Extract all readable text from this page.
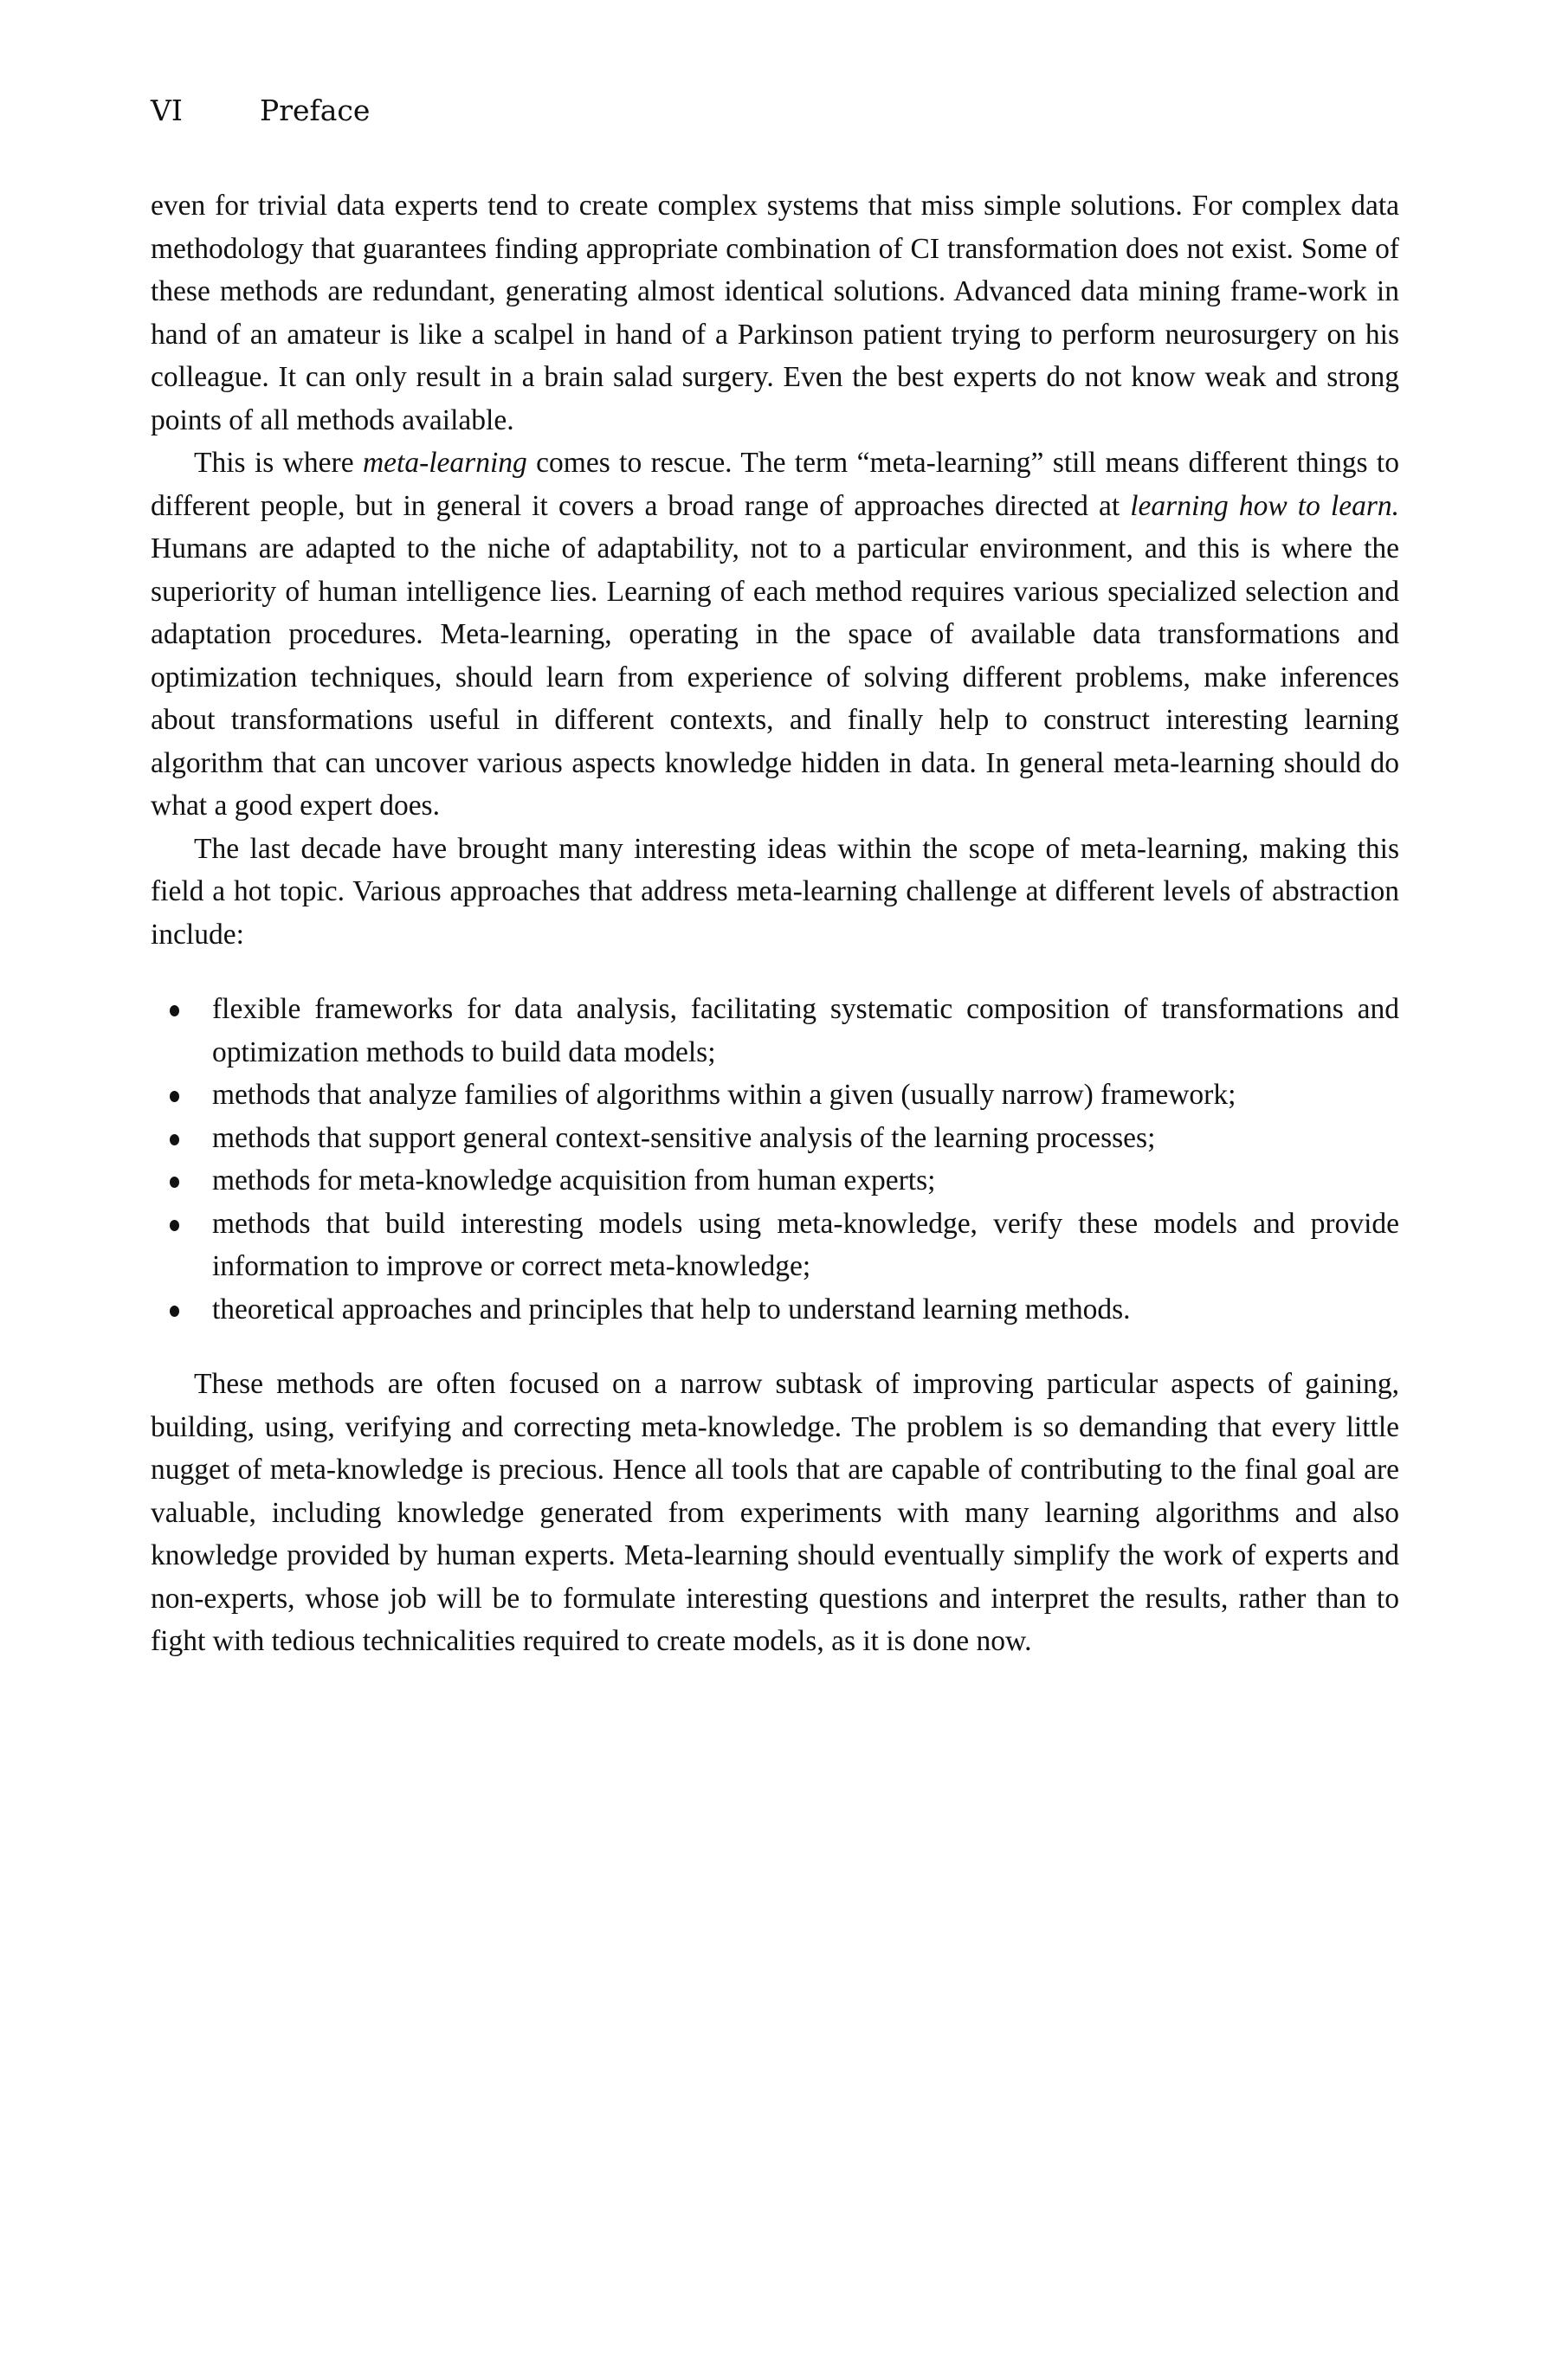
VI	Preface

even for trivial data experts tend to create complex systems that miss simple solutions. For complex data methodology that guarantees finding appropriate combination of CI transformation does not exist. Some of these methods are redundant, generating almost identical solutions. Advanced data mining frame-work in hand of an amateur is like a scalpel in hand of a Parkinson patient trying to perform neurosurgery on his colleague. It can only result in a brain salad surgery. Even the best experts do not know weak and strong points of all methods available.

This is where meta-learning comes to rescue. The term “meta-learning” still means different things to different people, but in general it covers a broad range of approaches directed at learning how to learn. Humans are adapted to the niche of adaptability, not to a particular environment, and this is where the superiority of human intelligence lies. Learning of each method requires various specialized selection and adaptation procedures. Meta-learning, operating in the space of available data transformations and optimization techniques, should learn from experience of solving different problems, make inferences about transformations useful in different contexts, and finally help to construct interesting learning algorithm that can uncover various aspects knowledge hidden in data. In general meta-learning should do what a good expert does.

The last decade have brought many interesting ideas within the scope of meta-learning, making this field a hot topic. Various approaches that address meta-learning challenge at different levels of abstraction include:

flexible frameworks for data analysis, facilitating systematic composition of transformations and optimization methods to build data models;
methods that analyze families of algorithms within a given (usually narrow) framework;
methods that support general context-sensitive analysis of the learning processes;
methods for meta-knowledge acquisition from human experts;
methods that build interesting models using meta-knowledge, verify these models and provide information to improve or correct meta-knowledge;
theoretical approaches and principles that help to understand learning methods.

These methods are often focused on a narrow subtask of improving particular aspects of gaining, building, using, verifying and correcting meta-knowledge. The problem is so demanding that every little nugget of meta-knowledge is precious. Hence all tools that are capable of contributing to the final goal are valuable, including knowledge generated from experiments with many learning algorithms and also knowledge provided by human experts. Meta-learning should eventually simplify the work of experts and non-experts, whose job will be to formulate interesting questions and interpret the results, rather than to fight with tedious technicalities required to create models, as it is done now.
